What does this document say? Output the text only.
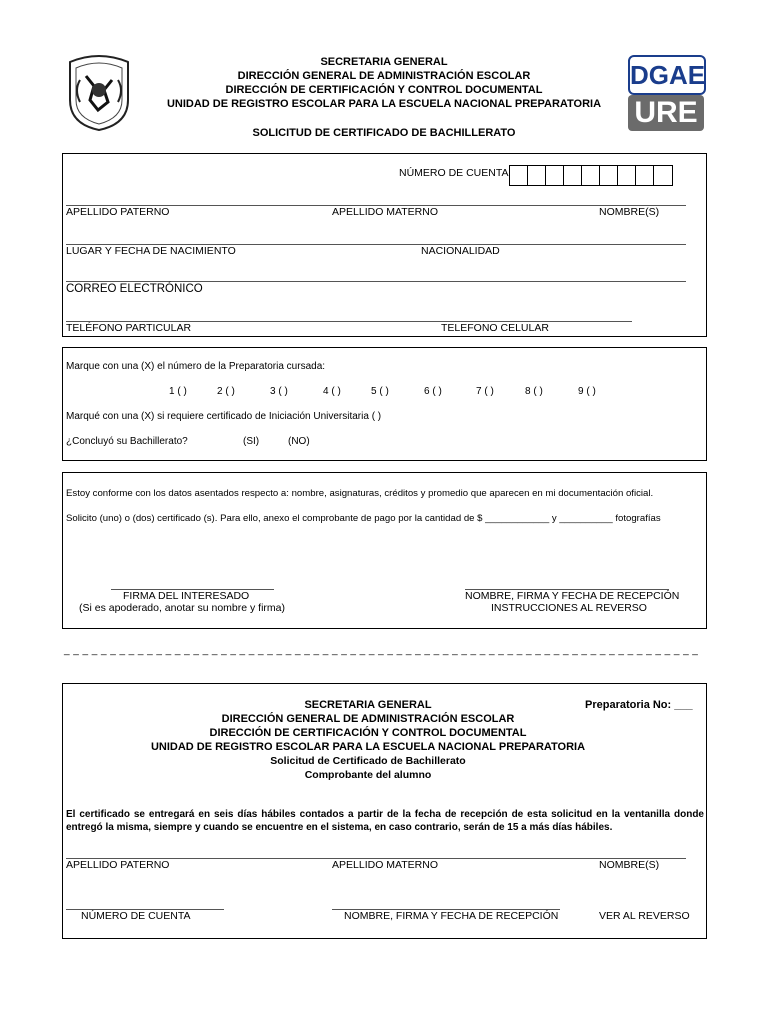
DGAE
URE
SECRETARIA GENERAL
DIRECCIÓN GENERAL DE ADMINISTRACIÓN ESCOLAR
DIRECCIÓN DE CERTIFICACIÓN Y CONTROL DOCUMENTAL
UNIDAD DE REGISTRO ESCOLAR PARA LA ESCUELA NACIONAL PREPARATORIA
SOLICITUD DE CERTIFICADO DE BACHILLERATO
NÚMERO DE CUENTA
APELLIDO PATERNO	APELLIDO MATERNO	NOMBRE(S)
LUGAR Y FECHA DE NACIMIENTO	NACIONALIDAD
CORREO ELECTRÓNICO
TELÉFONO PARTICULAR	TELEFONO CELULAR
Marque con una (X) el número de la Preparatoria cursada:
1 ( )	2 ( )	3 ( )	4 ( )	5 ( )	6 ( )	7 ( )	8 ( )	9 ( )
Marqué con una (X) si requiere certificado de Iniciación Universitaria ( )
¿Concluyó su Bachillerato?	(SI)	(NO)
Estoy conforme con los datos asentados respecto a: nombre, asignaturas, créditos y promedio que aparecen en mi documentación oficial.
Solicito (uno) o (dos) certificado (s). Para ello, anexo el comprobante de pago por la cantidad de $ ____________ y __________ fotografías
FIRMA DEL INTERESADO
(Si es apoderado, anotar su nombre y firma)
NOMBRE, FIRMA Y FECHA DE RECEPCIÓN
INSTRUCCIONES AL REVERSO
_ _ _ _ _ _ _ _ _ _ _ _ _ _ _ _ _ _ _ _ _ _ _ _ _ _ _ _ _ _ _ _ _ _ _ _ _ _ _ _ _ _ _ _ _ _ _ _ _ _ _ _ _ _ _ _ _ _ _ _ _ _ _ _ _ _ _ _ _
SECRETARIA GENERAL
DIRECCIÓN GENERAL DE ADMINISTRACIÓN ESCOLAR
DIRECCIÓN DE CERTIFICACIÓN Y CONTROL DOCUMENTAL
UNIDAD DE REGISTRO ESCOLAR PARA LA ESCUELA NACIONAL PREPARATORIA
Solicitud de Certificado de Bachillerato
Comprobante del alumno
Preparatoria No: ___
El certificado se entregará en seis días hábiles contados a partir de la fecha de recepción de esta solicitud en la ventanilla donde entregó la misma, siempre y cuando se encuentre en el sistema, en caso contrario, serán de 15 a más días hábiles.
APELLIDO PATERNO	APELLIDO MATERNO	NOMBRE(S)
NÚMERO DE CUENTA	NOMBRE, FIRMA Y FECHA DE RECEPCIÓN	VER AL REVERSO
